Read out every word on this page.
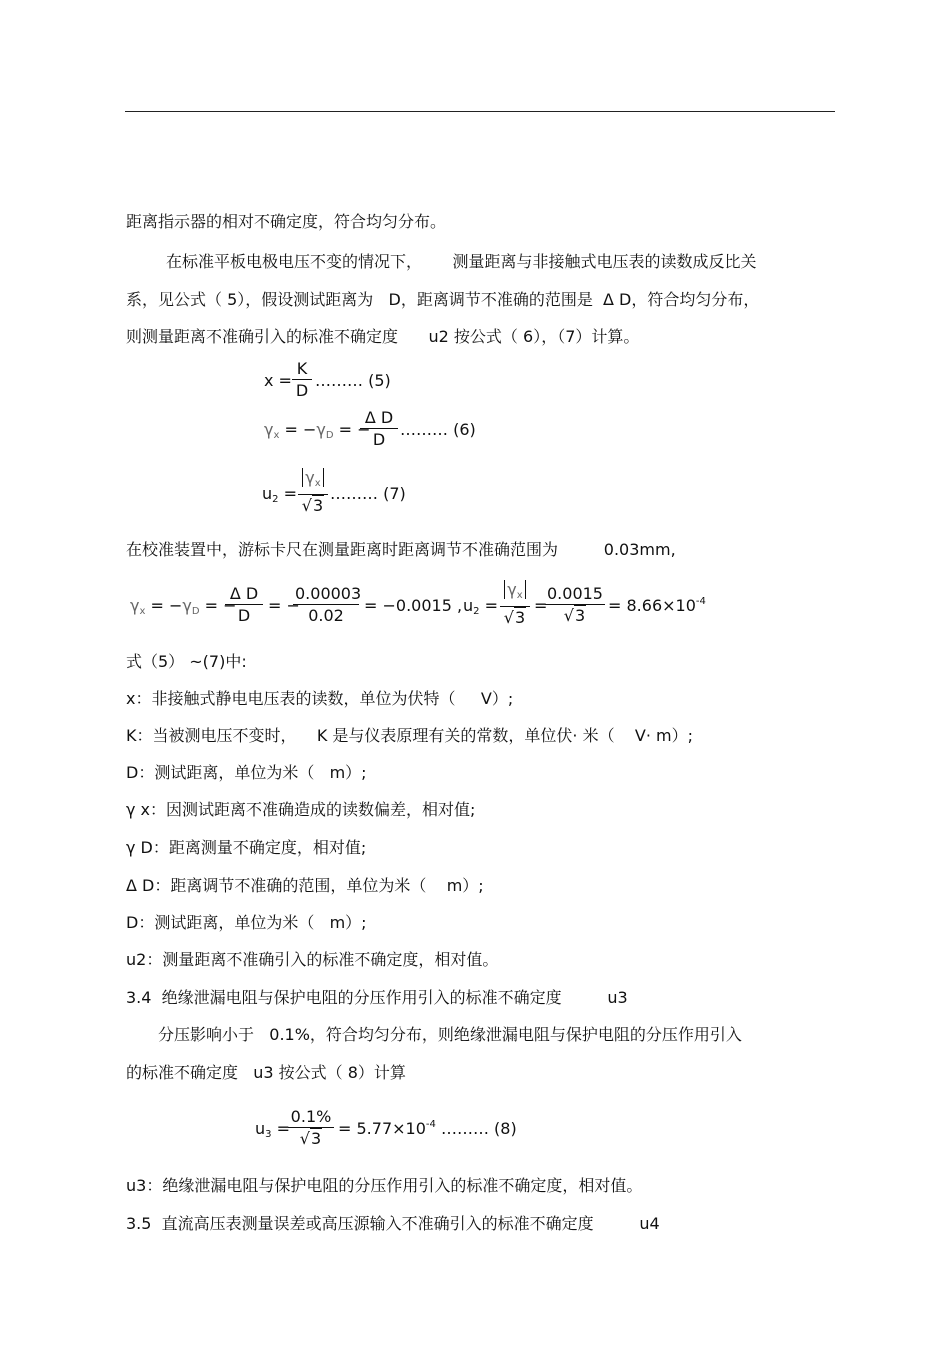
距离指示器的相对不确定度，符合均匀分布。
在标准平板电极电压不变的情况下，      测量距离与非接触式电压表的读数成反比关
系，见公式（ 5），假设测试距离为   D，距离调节不准确的范围是  Δ D，符合均匀分布，
则测量距离不准确引入的标准不确定度      u2 按公式（ 6），（7）计算。
x =
K
D
……… (5)
$\gamma_x = -\gamma_D$ = −
Δ D
D
……… (6)
$u_2$ =
$\gamma_x$
√3
……… (7)
在校准装置中，游标卡尺在测量距离时距离调节不准确范围为         0.03mm,
$\gamma_x = -\gamma_D$ = −
Δ D
D
= −
0.00003
0.02
= −0.0015 , $u_2$ =
$\gamma_x$
√3
=
0.0015
√3
= $8.66\times 10^{-4}$
式（5） ~(7)中:
x：非接触式静电电压表的读数，单位为伏特（     V）;
K：当被测电压不变时，    K 是与仪表原理有关的常数，单位伏· 米（    V· m）;
D：测试距离，单位为米（   m）;
γ x：因测试距离不准确造成的读数偏差，相对值;
γ D：距离测量不确定度，相对值;
Δ D：距离调节不准确的范围，单位为米（    m）;
D：测试距离，单位为米（   m）;
u2：测量距离不准确引入的标准不确定度，相对值。
3.4  绝缘泄漏电阻与保护电阻的分压作用引入的标准不确定度         u3
分压影响小于   0.1%，符合均匀分布，则绝缘泄漏电阻与保护电阻的分压作用引入
的标准不确定度   u3 按公式（ 8）计算
$u_3$ =
0.1%
√3
= $5.77\times 10^{-4}$ ……… (8)
u3：绝缘泄漏电阻与保护电阻的分压作用引入的标准不确定度，相对值。
3.5  直流高压表测量误差或高压源输入不准确引入的标准不确定度         u4
